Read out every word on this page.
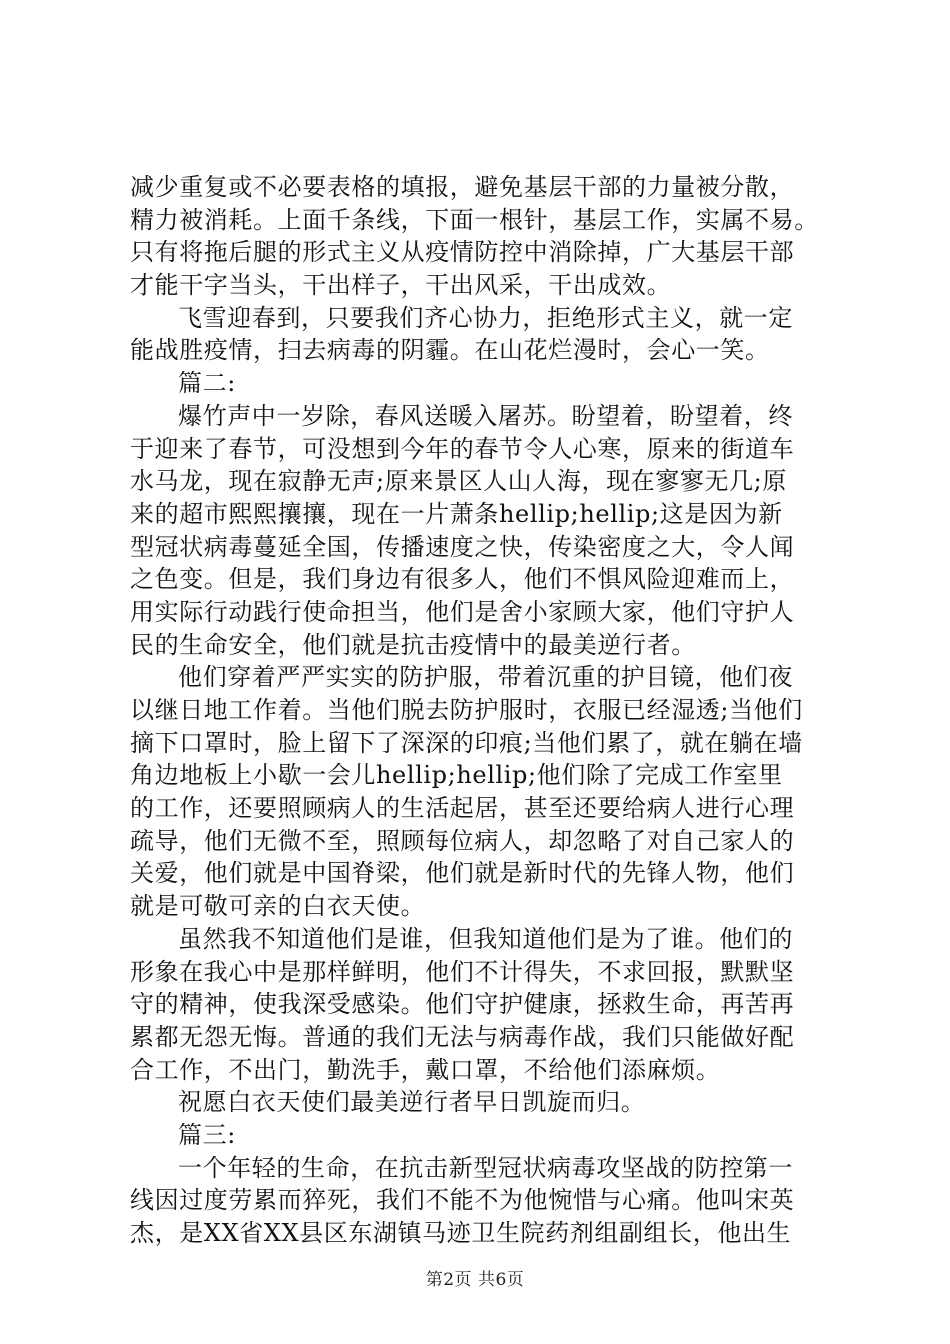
减少重复或不必要表格的填报，避免基层干部的力量被分散，
精力被消耗。上面千条线，下面一根针，基层工作，实属不易。
只有将拖后腿的形式主义从疫情防控中消除掉，广大基层干部
才能干字当头，干出样子，干出风采，干出成效。
飞雪迎春到，只要我们齐心协力，拒绝形式主义，就一定
能战胜疫情，扫去病毒的阴霾。在山花烂漫时，会心一笑。
篇二:
爆竹声中一岁除，春风送暖入屠苏。盼望着，盼望着，终
于迎来了春节，可没想到今年的春节令人心寒，原来的街道车
水马龙，现在寂静无声;原来景区人山人海，现在寥寥无几;原
来的超市熙熙攘攘，现在一片萧条hellip;hellip;这是因为新
型冠状病毒蔓延全国，传播速度之快，传染密度之大，令人闻
之色变。但是，我们身边有很多人，他们不惧风险迎难而上，
用实际行动践行使命担当，他们是舍小家顾大家，他们守护人
民的生命安全，他们就是抗击疫情中的最美逆行者。
他们穿着严严实实的防护服，带着沉重的护目镜，他们夜
以继日地工作着。当他们脱去防护服时，衣服已经湿透;当他们
摘下口罩时，脸上留下了深深的印痕;当他们累了，就在躺在墙
角边地板上小歇一会儿hellip;hellip;他们除了完成工作室里
的工作，还要照顾病人的生活起居，甚至还要给病人进行心理
疏导，他们无微不至，照顾每位病人，却忽略了对自己家人的
关爱，他们就是中国脊梁，他们就是新时代的先锋人物，他们
就是可敬可亲的白衣天使。
虽然我不知道他们是谁，但我知道他们是为了谁。他们的
形象在我心中是那样鲜明，他们不计得失，不求回报，默默坚
守的精神，使我深受感染。他们守护健康，拯救生命，再苦再
累都无怨无悔。普通的我们无法与病毒作战，我们只能做好配
合工作，不出门，勤洗手，戴口罩，不给他们添麻烦。
祝愿白衣天使们最美逆行者早日凯旋而归。
篇三:
一个年轻的生命，在抗击新型冠状病毒攻坚战的防控第一
线因过度劳累而猝死，我们不能不为他惋惜与心痛。他叫宋英
杰，是XX省XX县区东湖镇马迹卫生院药剂组副组长，他出生
第2页 共6页
